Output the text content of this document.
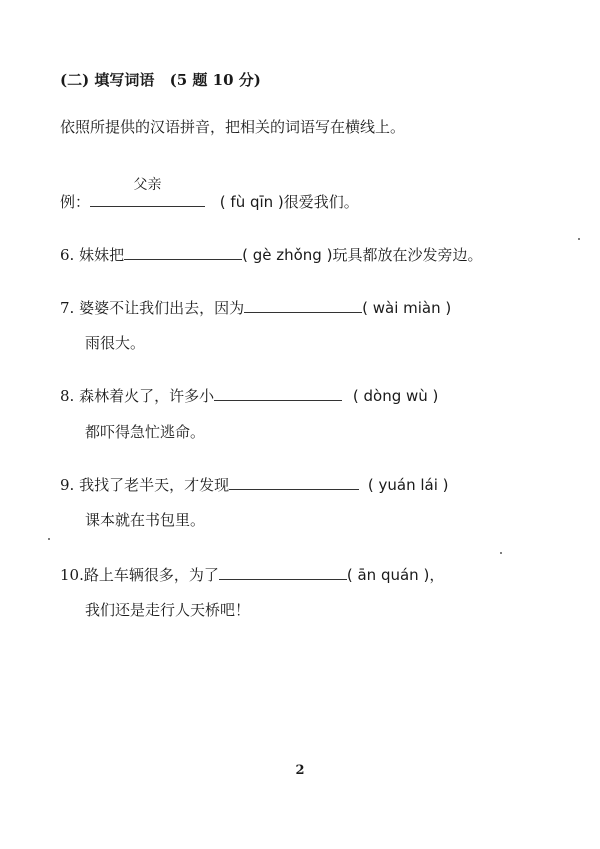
(二) 填写词语 (5 题 10 分)
依照所提供的汉语拼音，把相关的词语写在横线上。
例：
父亲
( fù qīn )很爱我们。
6. 妹妹把	( gè zhǒng )玩具都放在沙发旁边。
7. 婆婆不让我们出去，因为	( wài miàn )
雨很大。
8. 森林着火了，许多小	( dòng wù )
都吓得急忙逃命。
9. 我找了老半天，才发现	( yuán lái )
课本就在书包里。
10.路上车辆很多，为了	( ān quán )，
我们还是走行人天桥吧！
2
